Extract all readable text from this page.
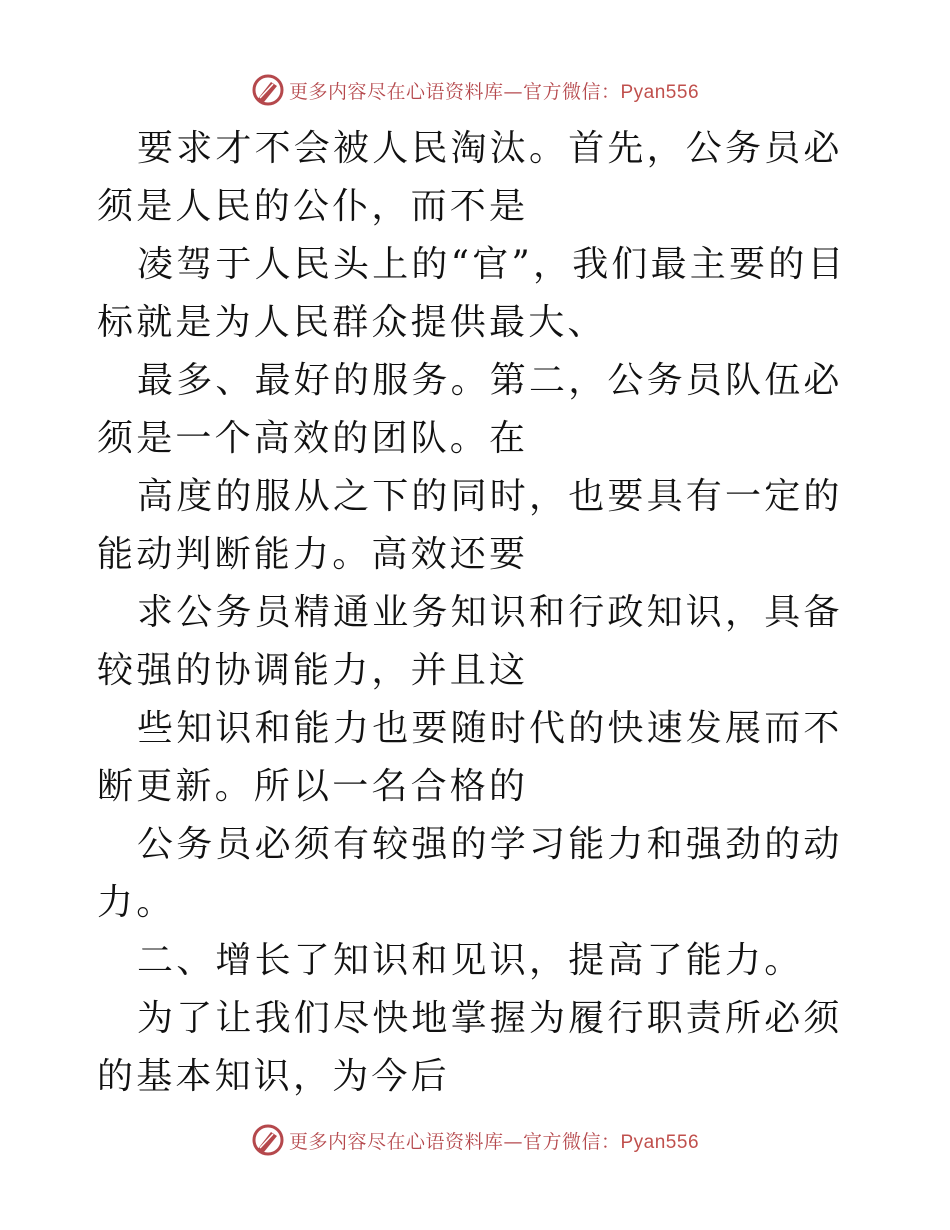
更多内容尽在心语资料库—官方微信：Pyan556

要求才不会被人民淘汰。首先，公务员必须是人民的公仆，而不是

凌驾于人民头上的“官”，我们最主要的目标就是为人民群众提供最大、

最多、最好的服务。第二，公务员队伍必须是一个高效的团队。在

高度的服从之下的同时，也要具有一定的能动判断能力。高效还要

求公务员精通业务知识和行政知识，具备较强的协调能力，并且这

些知识和能力也要随时代的快速发展而不断更新。所以一名合格的

公务员必须有较强的学习能力和强劲的动力。

二、增长了知识和见识，提高了能力。

为了让我们尽快地掌握为履行职责所必须的基本知识，为今后

更多内容尽在心语资料库—官方微信：Pyan556
